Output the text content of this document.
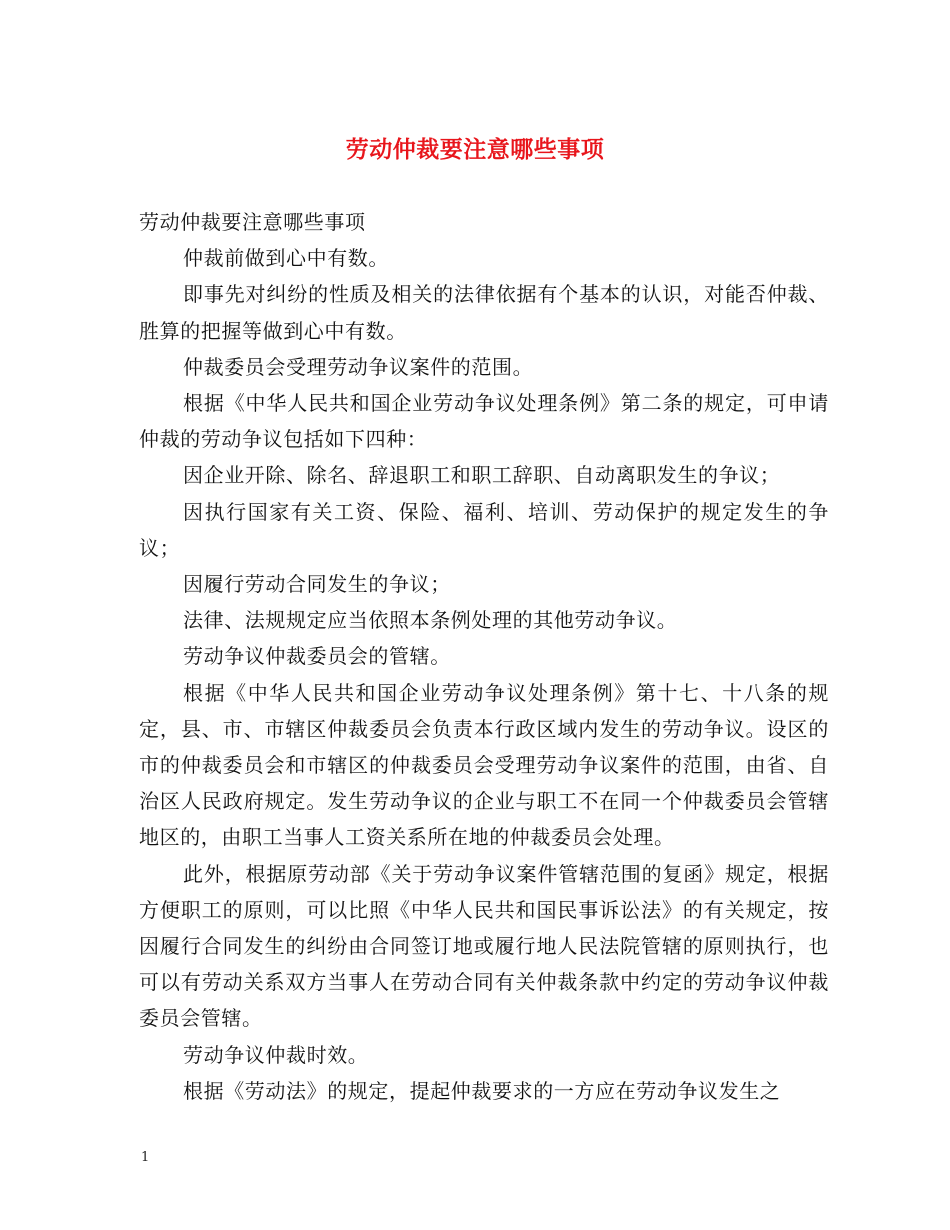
劳动仲裁要注意哪些事项

劳动仲裁要注意哪些事项

仲裁前做到心中有数。

即事先对纠纷的性质及相关的法律依据有个基本的认识，对能否仲裁、胜算的把握等做到心中有数。

仲裁委员会受理劳动争议案件的范围。

根据《中华人民共和国企业劳动争议处理条例》第二条的规定，可申请仲裁的劳动争议包括如下四种：

因企业开除、除名、辞退职工和职工辞职、自动离职发生的争议；

因执行国家有关工资、保险、福利、培训、劳动保护的规定发生的争议；

因履行劳动合同发生的争议；

法律、法规规定应当依照本条例处理的其他劳动争议。

劳动争议仲裁委员会的管辖。

根据《中华人民共和国企业劳动争议处理条例》第十七、十八条的规定，县、市、市辖区仲裁委员会负责本行政区域内发生的劳动争议。设区的市的仲裁委员会和市辖区的仲裁委员会受理劳动争议案件的范围，由省、自治区人民政府规定。发生劳动争议的企业与职工不在同一个仲裁委员会管辖地区的，由职工当事人工资关系所在地的仲裁委员会处理。

此外，根据原劳动部《关于劳动争议案件管辖范围的复函》规定，根据方便职工的原则，可以比照《中华人民共和国民事诉讼法》的有关规定，按因履行合同发生的纠纷由合同签订地或履行地人民法院管辖的原则执行，也可以有劳动关系双方当事人在劳动合同有关仲裁条款中约定的劳动争议仲裁委员会管辖。

劳动争议仲裁时效。

根据《劳动法》的规定，提起仲裁要求的一方应在劳动争议发生之

1
